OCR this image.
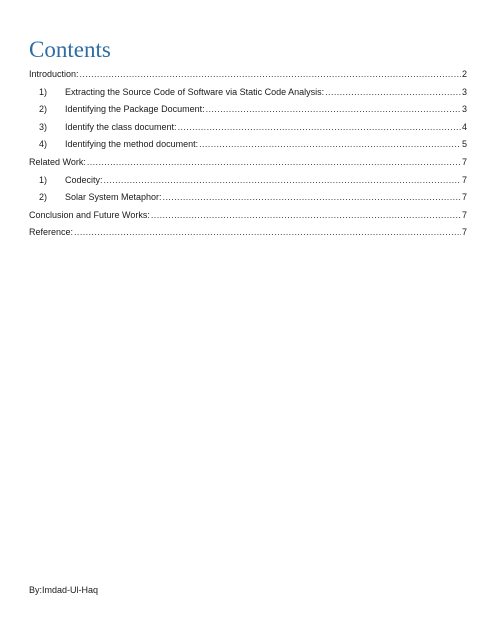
Contents
Introduction: .....	2
1)	Extracting the Source Code of Software via Static Code Analysis: .....	3
2)	Identifying the Package Document: .....	3
3)	Identify the class document: .....	4
4)	Identifying the method document: .....	5
Related Work: .....	7
1)	Codecity: .....	7
2)	Solar System Metaphor: .....	7
Conclusion and Future Works: .....	7
Reference: .....	7
By:Imdad-Ul-Haq
